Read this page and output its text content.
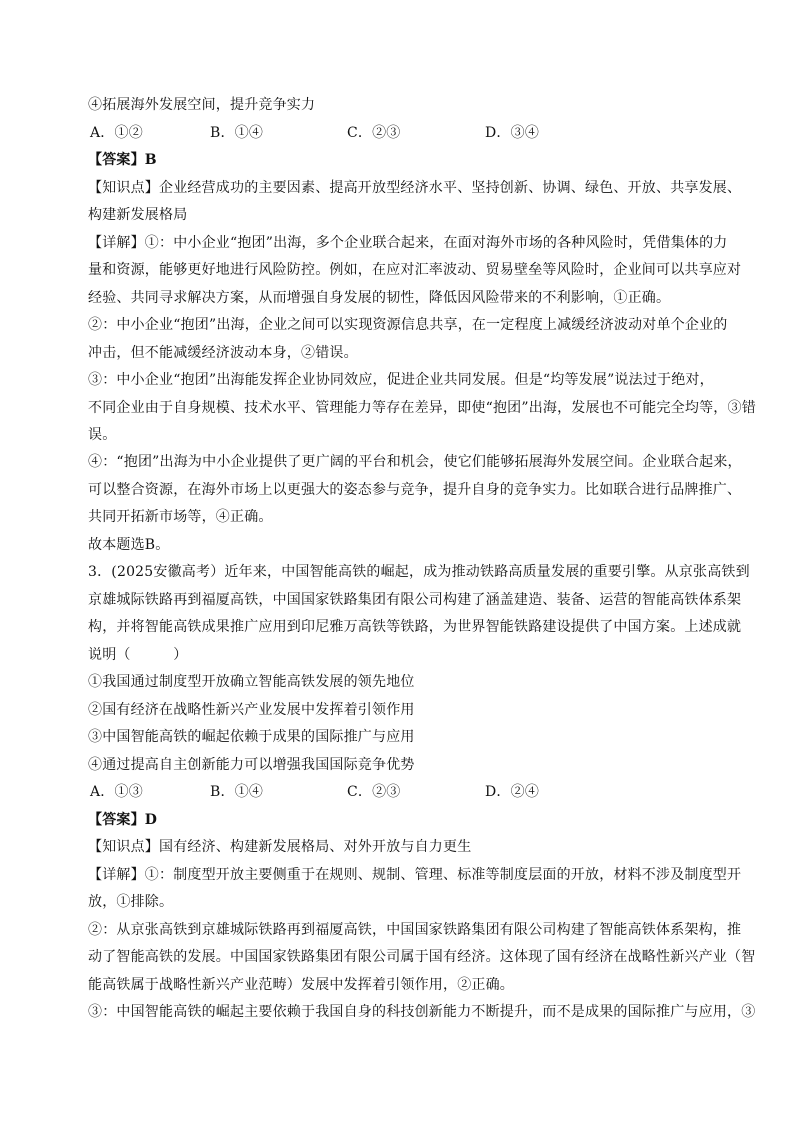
④拓展海外发展空间，提升竞争实力
A．①②	B．①④	C．②③	D．③④
【答案】B
【知识点】企业经营成功的主要因素、提高开放型经济水平、坚持创新、协调、绿色、开放、共享发展、
构建新发展格局
【详解】①：中小企业“抱团”出海，多个企业联合起来，在面对海外市场的各种风险时，凭借集体的力
量和资源，能够更好地进行风险防控。例如，在应对汇率波动、贸易壁垒等风险时，企业间可以共享应对
经验、共同寻求解决方案，从而增强自身发展的韧性，降低因风险带来的不利影响，①正确。
②：中小企业“抱团”出海，企业之间可以实现资源信息共享，在一定程度上减缓经济波动对单个企业的
冲击，但不能减缓经济波动本身，②错误。
③：中小企业“抱团”出海能发挥企业协同效应，促进企业共同发展。但是“均等发展”说法过于绝对，
不同企业由于自身规模、技术水平、管理能力等存在差异，即使“抱团”出海，发展也不可能完全均等，③错
误。
④：“抱团”出海为中小企业提供了更广阔的平台和机会，使它们能够拓展海外发展空间。企业联合起来，
可以整合资源，在海外市场上以更强大的姿态参与竞争，提升自身的竞争实力。比如联合进行品牌推广、
共同开拓新市场等，④正确。
故本题选B。
3．(2025安徽高考）近年来，中国智能高铁的崛起，成为推动铁路高质量发展的重要引擎。从京张高铁到
京雄城际铁路再到福厦高铁，中国国家铁路集团有限公司构建了涵盖建造、装备、运营的智能高铁体系架
构，并将智能高铁成果推广应用到印尼雅万高铁等铁路，为世界智能铁路建设提供了中国方案。上述成就
说明（　　　）
①我国通过制度型开放确立智能高铁发展的领先地位
②国有经济在战略性新兴产业发展中发挥着引领作用
③中国智能高铁的崛起依赖于成果的国际推广与应用
④通过提高自主创新能力可以增强我国国际竞争优势
A．①③	B．①④	C．②③	D．②④
【答案】D
【知识点】国有经济、构建新发展格局、对外开放与自力更生
【详解】①：制度型开放主要侧重于在规则、规制、管理、标准等制度层面的开放，材料不涉及制度型开
放，①排除。
②：从京张高铁到京雄城际铁路再到福厦高铁，中国国家铁路集团有限公司构建了智能高铁体系架构，推
动了智能高铁的发展。中国国家铁路集团有限公司属于国有经济。这体现了国有经济在战略性新兴产业（智
能高铁属于战略性新兴产业范畴）发展中发挥着引领作用，②正确。
③：中国智能高铁的崛起主要依赖于我国自身的科技创新能力不断提升，而不是成果的国际推广与应用，③
